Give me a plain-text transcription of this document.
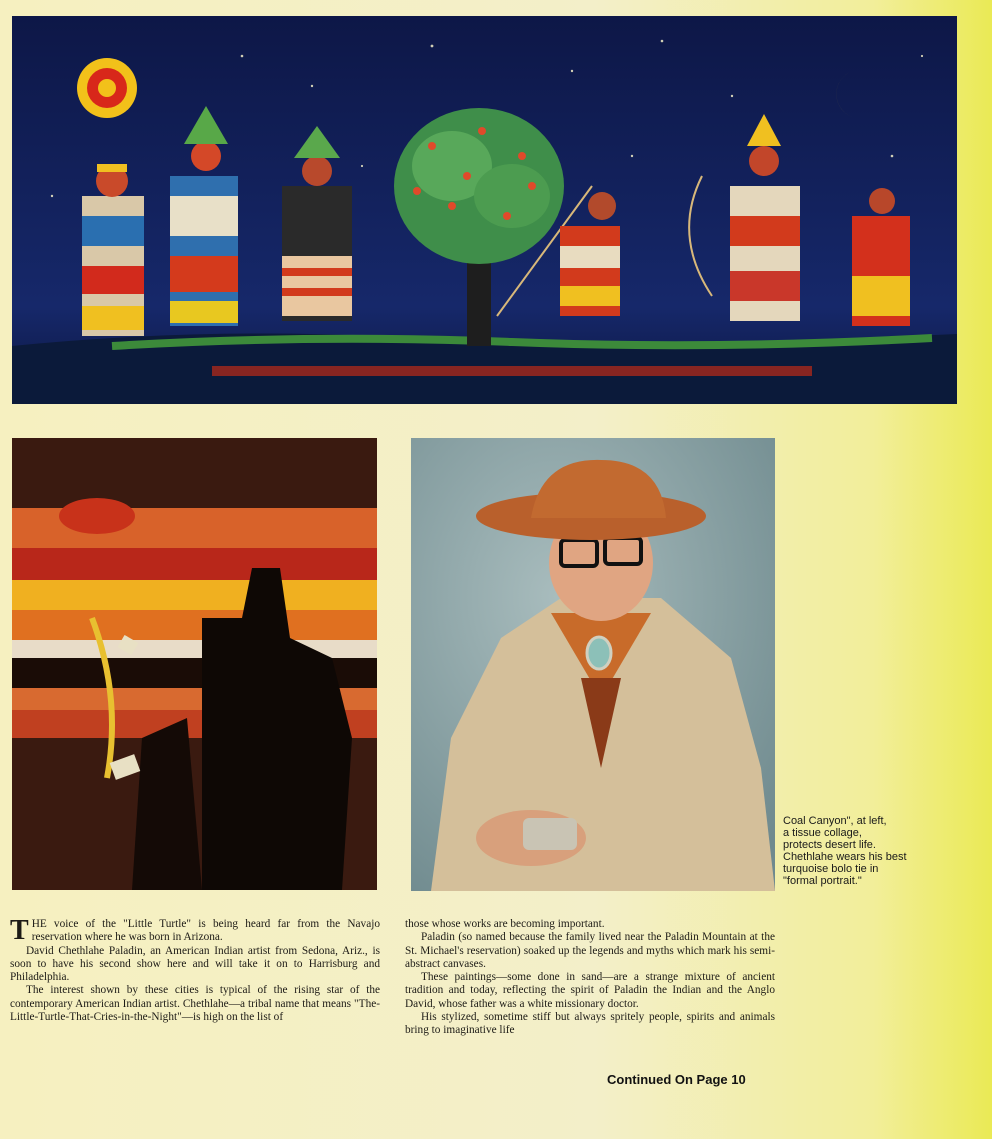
Coal Canyon", at left,
a tissue collage,
protects desert life.
Chethlahe wears his best
turquoise bolo tie in
"formal portrait."

THE voice of the "Little Turtle" is being heard far from the Navajo reservation where he was born in Arizona.

David Chethlahe Paladin, an American Indian artist from Sedona, Ariz., is soon to have his second show here and will take it on to Harrisburg and Philadelphia.

The interest shown by these cities is typical of the rising star of the contemporary American Indian artist. Chethlahe—a tribal name that means "The-Little-Turtle-That-Cries-in-the-Night"—is high on the list of

those whose works are becoming important.

Paladin (so named because the family lived near the Paladin Mountain at the St. Michael's reservation) soaked up the legends and myths which mark his semi-abstract canvases.

These paintings—some done in sand—are a strange mixture of ancient tradition and today, reflecting the spirit of Paladin the Indian and the Anglo David, whose father was a white missionary doctor.

His stylized, sometime stiff but always spritely people, spirits and animals bring to imaginative life

Continued On Page 10
